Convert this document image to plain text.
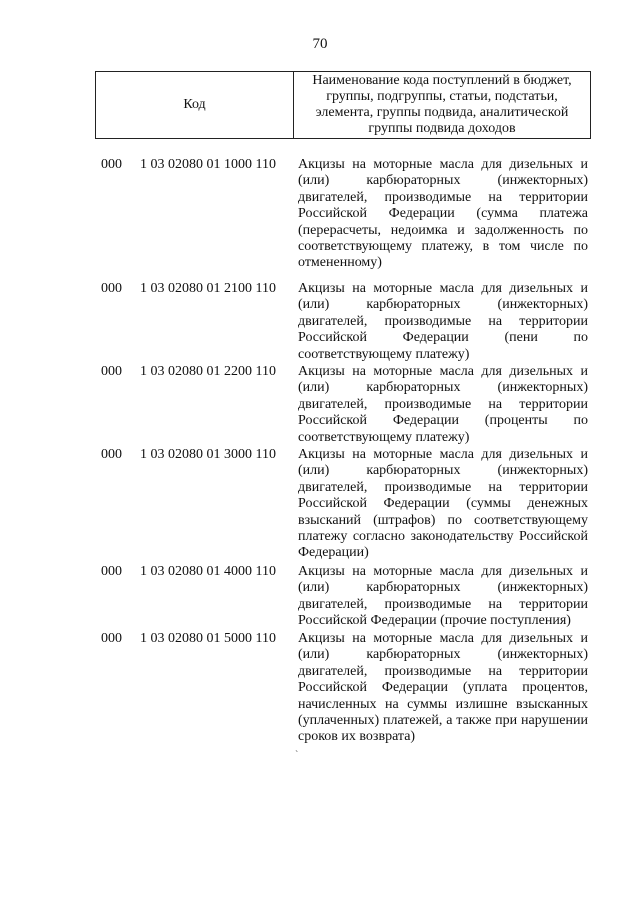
70
Код
Наименование кода поступлений в бюджет, группы, подгруппы, статьи, подстатьи, элемента, группы подвида, аналитической группы подвида доходов
000 1 03 02080 01 1000 110 Акцизы на моторные масла для дизельных и (или) карбюраторных (инжекторных) двигателей, производимые на территории Российской Федерации (сумма платежа (перерасчеты, недоимка и задолженность по соответствующему платежу, в том числе по отмененному)
000 1 03 02080 01 2100 110 Акцизы на моторные масла для дизельных и (или) карбюраторных (инжекторных) двигателей, производимые на территории Российской Федерации (пени по соответствующему платежу)
000 1 03 02080 01 2200 110 Акцизы на моторные масла для дизельных и (или) карбюраторных (инжекторных) двигателей, производимые на территории Российской Федерации (проценты по соответствующему платежу)
000 1 03 02080 01 3000 110 Акцизы на моторные масла для дизельных и (или) карбюраторных (инжекторных) двигателей, производимые на территории Российской Федерации (суммы денежных взысканий (штрафов) по соответствующему платежу согласно законодательству Российской Федерации)
000 1 03 02080 01 4000 110 Акцизы на моторные масла для дизельных и (или) карбюраторных (инжекторных) двигателей, производимые на территории Российской Федерации (прочие поступления)
000 1 03 02080 01 5000 110 Акцизы на моторные масла для дизельных и (или) карбюраторных (инжекторных) двигателей, производимые на территории Российской Федерации (уплата процентов, начисленных на суммы излишне взысканных (уплаченных) платежей, а также при нарушении сроков их возврата)
`
